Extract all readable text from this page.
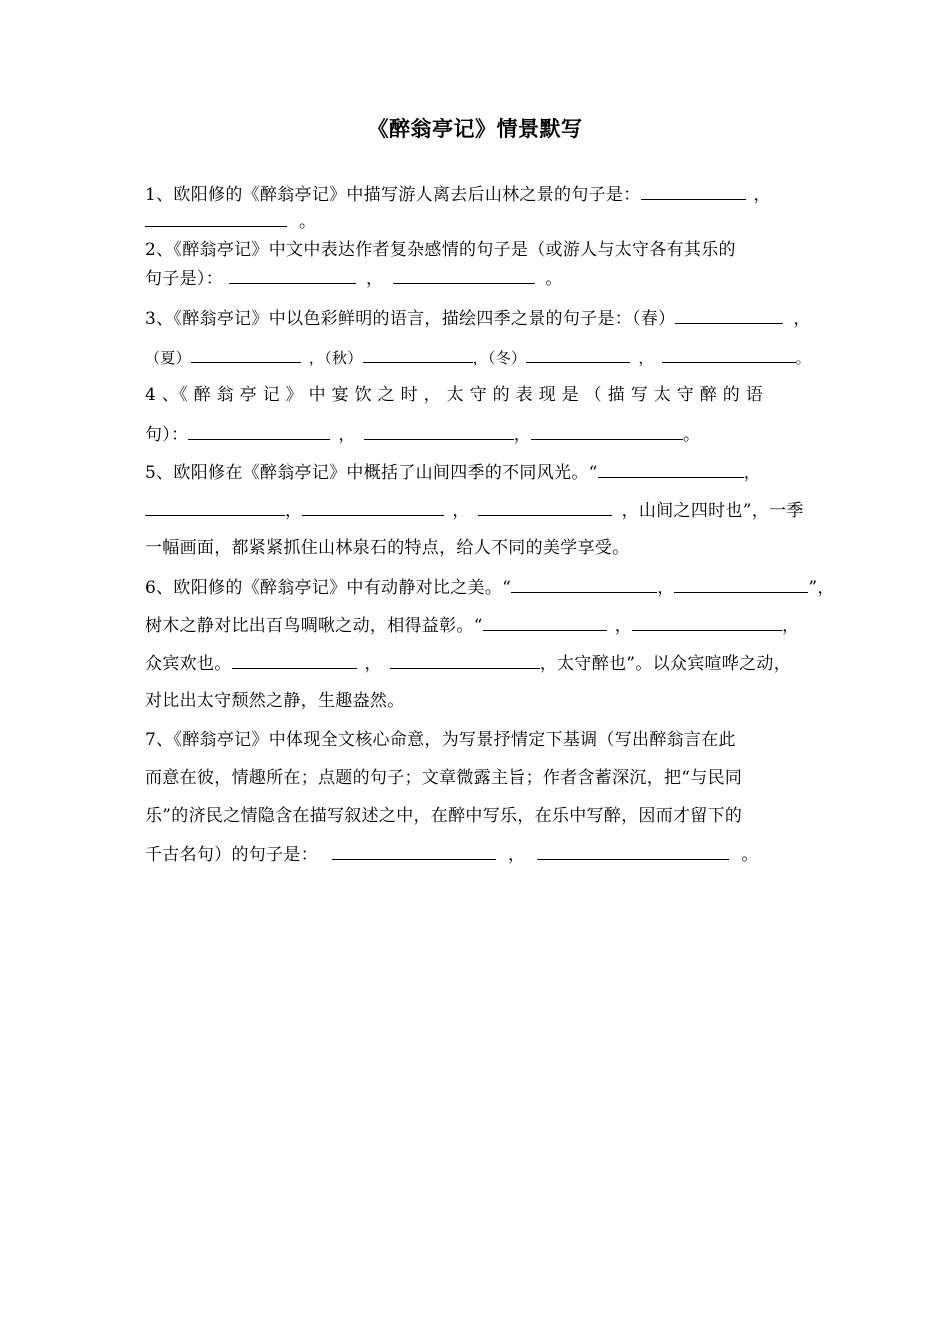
《醉翁亭记》情景默写
1、欧阳修的《醉翁亭记》中描写游人离去后山林之景的句子是：	，
。
2、《醉翁亭记》中文中表达作者复杂感情的句子是（或游人与太守各有其乐的
句子是）：	，	。
3、《醉翁亭记》中以色彩鲜明的语言，描绘四季之景的句子是：（春）	，
（夏）	，（秋）	，（冬）	，	。
4 、《 醉 翁 亭 记 》 中 宴 饮 之 时 ， 太 守 的 表 现 是 （ 描 写 太 守 醉 的 语
句）：	，	，	。
5、欧阳修在《醉翁亭记》中概括了山间四季的不同风光。“	，
，	，	，山间之四时也”，一季
一幅画面，都紧紧抓住山林泉石的特点，给人不同的美学享受。
6、欧阳修的《醉翁亭记》中有动静对比之美。“	，	”，
树木之静对比出百鸟啁啾之动，相得益彰。“	，	，
众宾欢也。	，	，太守醉也”。以众宾喧哗之动，
对比出太守颓然之静，生趣盎然。
7、《醉翁亭记》中体现全文核心命意，为写景抒情定下基调（写出醉翁言在此
而意在彼，情趣所在；点题的句子；文章微露主旨；作者含蓄深沉，把“与民同
乐”的济民之情隐含在描写叙述之中，在醉中写乐，在乐中写醉，因而才留下的
千古名句）的句子是：	，	。
